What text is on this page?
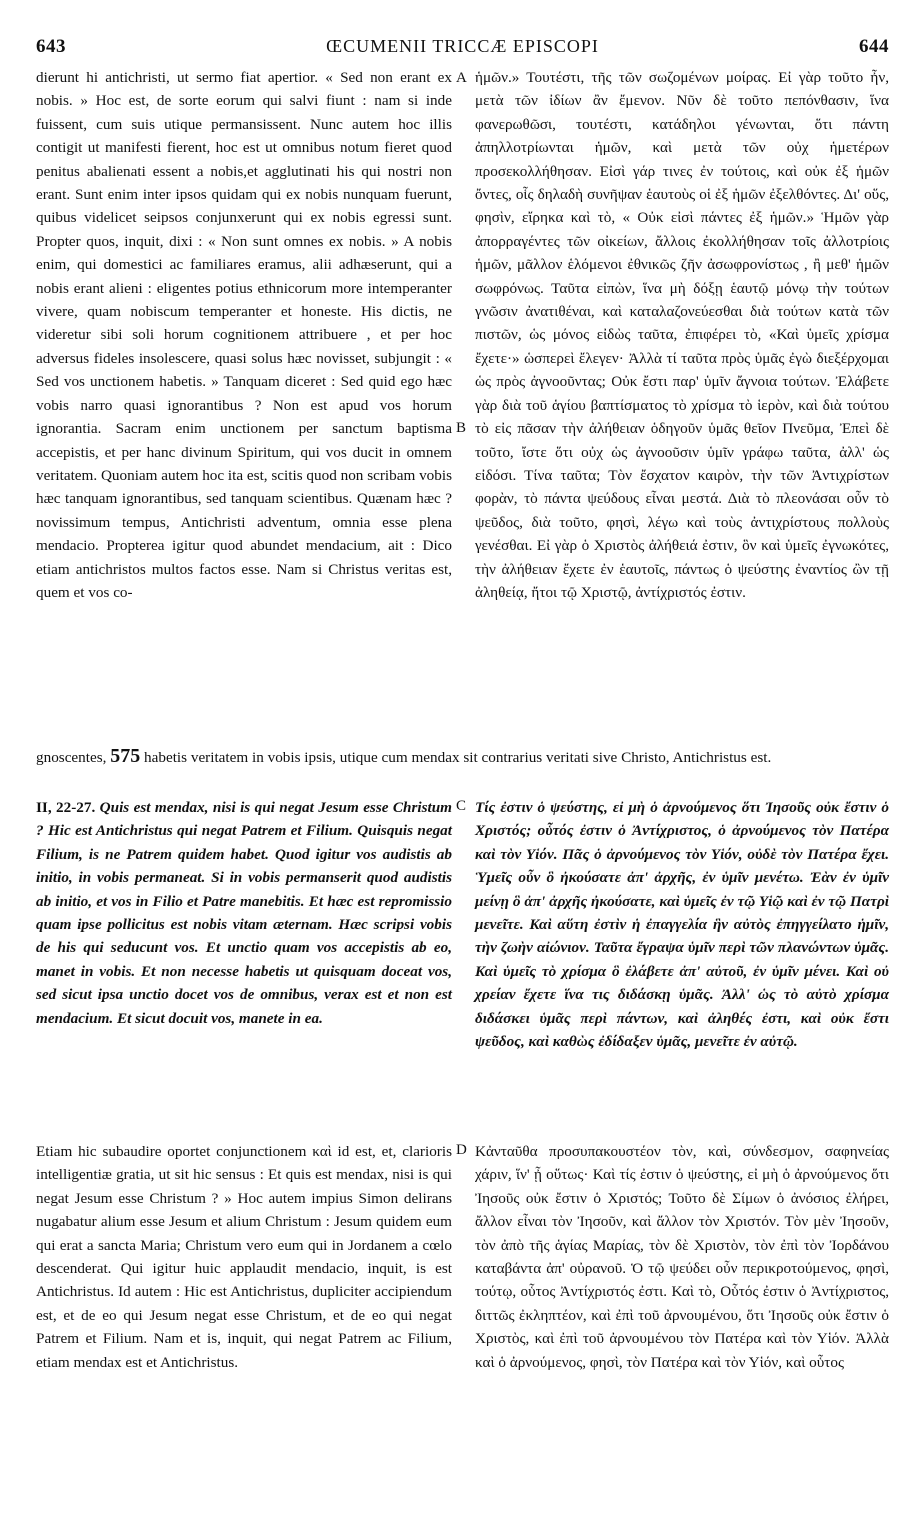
643	ŒCUMENII TRICCÆ EPISCOPI	644
A
B
C
D

dierunt hi antichristi, ut sermo fiat apertior. « Sed non erant ex nobis. » Hoc est, de sorte eorum qui salvi fiunt : nam si inde fuissent, cum suis utique permansissent. Nunc autem hoc illis contigit ut manifesti fierent, hoc est ut omnibus notum fieret quod penitus abalienati essent a nobis,et agglutinati his qui nostri non erant. Sunt enim inter ipsos quidam qui ex nobis nunquam fuerunt, quibus videlicet seipsos conjunxerunt qui ex nobis egressi sunt. Propter quos, inquit, dixi : « Non sunt omnes ex nobis. » A nobis enim, qui domestici ac familiares eramus, alii adhæserunt, qui a nobis erant alieni : eligentes potius ethnicorum more intemperanter vivere, quam nobiscum temperanter et honeste. His dictis, ne videretur sibi soli horum cognitionem attribuere , et per hoc adversus fideles insolescere, quasi solus hæc novisset, subjungit : « Sed vos unctionem habetis. » Tanquam diceret : Sed quid ego hæc vobis narro quasi ignorantibus ? Non est apud vos horum ignorantia. Sacram enim unctionem per sanctum baptisma accepistis, et per hanc divinum Spiritum, qui vos ducit in omnem veritatem. Quoniam autem hoc ita est, scitis quod non scribam vobis hæc tanquam ignorantibus, sed tanquam scientibus. Quænam hæc ? novissimum tempus, Antichristi adventum, omnia esse plena mendacio. Propterea igitur quod abundet mendacium, ait : Dico etiam antichristos multos factos esse. Nam si Christus veritas est, quem et vos co-

ἡμῶν.» Τουτέστι, τῆς τῶν σωζομένων μοίρας. Εἰ γὰρ τοῦτο ἦν, μετὰ τῶν ἰδίων ἂν ἔμενον. Νῦν δὲ τοῦτο πεπόνθασιν, ἵνα φανερωθῶσι, τουτέστι, κατάδηλοι γένωνται, ὅτι πάντη ἀπηλλοτρίωνται ἡμῶν, καὶ μετὰ τῶν οὐχ ἡμετέρων προσεκολλήθησαν. Εἰσὶ γάρ τινες ἐν τούτοις, καὶ οὐκ ἐξ ἡμῶν ὄντες, οἷς δηλαδὴ συνῆψαν ἑαυτοὺς οἱ ἐξ ἡμῶν ἐξελθόντες. Δι' οὕς, φησὶν, εἴρηκα καὶ τὸ, « Οὐκ εἰσὶ πάντες ἐξ ἡμῶν.» Ἡμῶν γὰρ ἀπορραγέντες τῶν οἰκείων, ἄλλοις ἐκολλήθησαν τοῖς ἀλλοτρίοις ἡμῶν, μᾶλλον ἑλόμενοι ἐθνικῶς ζῆν ἀσωφρονίστως , ἢ μεθ' ἡμῶν σωφρόνως. Ταῦτα εἰπὼν, ἵνα μὴ δόξῃ ἑαυτῷ μόνῳ τὴν τούτων γνῶσιν ἀνατιθέναι, καὶ καταλαζονεύεσθαι διὰ τούτων κατὰ τῶν πιστῶν, ὡς μόνος εἰδὼς ταῦτα, ἐπιφέρει τὸ, «Καὶ ὑμεῖς χρίσμα ἔχετε·» ὡσπερεὶ ἔλεγεν· Ἀλλὰ τί ταῦτα πρὸς ὑμᾶς ἐγὼ διεξέρχομαι ὡς πρὸς ἀγνοοῦντας; Οὐκ ἔστι παρ' ὑμῖν ἄγνοια τούτων. Ἐλάβετε γὰρ διὰ τοῦ ἁγίου βαπτίσματος τὸ χρίσμα τὸ ἱερὸν, καὶ διὰ τούτου τὸ εἰς πᾶσαν τὴν ἀλήθειαν ὁδηγοῦν ὑμᾶς θεῖον Πνεῦμα, Ἐπεὶ δὲ τοῦτο, ἴστε ὅτι οὐχ ὡς ἀγνοοῦσιν ὑμῖν γράφω ταῦτα, ἀλλ' ὡς εἰδόσι. Τίνα ταῦτα; Τὸν ἔσχατον καιρὸν, τὴν τῶν Ἀντιχρίστων φορὰν, τὸ πάντα ψεύδους εἶναι μεστά. Διὰ τὸ πλεονάσαι οὖν τὸ ψεῦδος, διὰ τοῦτο, φησὶ, λέγω καὶ τοὺς ἀντιχρίστους πολλοὺς γενέσθαι. Εἰ γὰρ ὁ Χριστὸς ἀλήθειά ἐστιν, ὃν καὶ ὑμεῖς ἐγνωκότες, τὴν ἀλήθειαν ἔχετε ἐν ἑαυτοῖς, πάντως ὁ ψεύστης ἐναντίος ὢν τῇ ἀληθείᾳ, ἤτοι τῷ Χριστῷ, ἀντίχριστός ἐστιν.

gnoscentes, 575 habetis veritatem in vobis ipsis, utique cum mendax sit contrarius veritati sive Christo, Antichristus est.

II, 22-27. Quis est mendax, nisi is qui negat Jesum esse Christum ? Hic est Antichristus qui negat Patrem et Filium. Quisquis negat Filium, is ne Patrem quidem habet. Quod igitur vos audistis ab initio, in vobis permaneat. Si in vobis permanserit quod audistis ab initio, et vos in Filio et Patre manebitis. Et hæc est repromissio quam ipse pollicitus est nobis vitam æternam. Hæc scripsi vobis de his qui seducunt vos. Et unctio quam vos accepistis ab eo, manet in vobis. Et non necesse habetis ut quisquam doceat vos, sed sicut ipsa unctio docet vos de omnibus, verax est et non est mendacium. Et sicut docuit vos, manete in ea.

Τίς ἐστιν ὁ ψεύστης, εἰ μὴ ὁ ἀρνούμενος ὅτι Ἰησοῦς οὐκ ἔστιν ὁ Χριστός; οὗτός ἐστιν ὁ Ἀντίχριστος, ὁ ἀρνούμενος τὸν Πατέρα καὶ τὸν Υἱόν. Πᾶς ὁ ἀρνούμενος τὸν Υἱόν, οὐδὲ τὸν Πατέρα ἔχει. Ὑμεῖς οὖν ὃ ἠκούσατε ἀπ' ἀρχῆς, ἐν ὑμῖν μενέτω. Ἐὰν ἐν ὑμῖν μείνῃ ὃ ἀπ' ἀρχῆς ἠκούσατε, καὶ ὑμεῖς ἐν τῷ Υἱῷ καὶ ἐν τῷ Πατρὶ μενεῖτε. Καὶ αὕτη ἐστὶν ἡ ἐπαγγελία ἣν αὐτὸς ἐπηγγείλατο ἡμῖν, τὴν ζωὴν αἰώνιον. Ταῦτα ἔγραψα ὑμῖν περὶ τῶν πλανώντων ὑμᾶς. Καὶ ὑμεῖς τὸ χρίσμα ὃ ἐλάβετε ἀπ' αὐτοῦ, ἐν ὑμῖν μένει. Καὶ οὐ χρείαν ἔχετε ἵνα τις διδάσκῃ ὑμᾶς. Ἀλλ' ὡς τὸ αὐτὸ χρίσμα διδάσκει ὑμᾶς περὶ πάντων, καὶ ἀληθές ἐστι, καὶ οὐκ ἔστι ψεῦδος, καὶ καθὼς ἐδίδαξεν ὑμᾶς, μενεῖτε ἐν αὐτῷ.

Etiam hic subaudire oportet conjunctionem καὶ id est, et, clarioris intelligentiæ gratia, ut sit hic sensus : Et quis est mendax, nisi is qui negat Jesum esse Christum ? » Hoc autem impius Simon delirans nugabatur alium esse Jesum et alium Christum : Jesum quidem eum qui erat a sancta Maria; Christum vero eum qui in Jordanem a cœlo descenderat. Qui igitur huic applaudit mendacio, inquit, is est Antichristus. Id autem : Hic est Antichristus, dupliciter accipiendum est, et de eo qui Jesum negat esse Christum, et de eo qui negat Patrem et Filium. Nam et is, inquit, qui negat Patrem ac Filium, etiam mendax est et Antichristus.

Κἀνταῦθα προσυπακουστέον τὸν, καὶ, σύνδεσμον, σαφηνείας χάριν, ἵν' ᾖ οὕτως· Καὶ τίς ἐστιν ὁ ψεύστης, εἰ μὴ ὁ ἀρνούμενος ὅτι Ἰησοῦς οὐκ ἔστιν ὁ Χριστός; Τοῦτο δὲ Σίμων ὁ ἀνόσιος ἐλήρει, ἄλλον εἶναι τὸν Ἰησοῦν, καὶ ἄλλον τὸν Χριστόν. Τὸν μὲν Ἰησοῦν, τὸν ἀπὸ τῆς ἁγίας Μαρίας, τὸν δὲ Χριστὸν, τὸν ἐπὶ τὸν Ἰορδάνου καταβάντα ἀπ' οὐρανοῦ. Ὁ τῷ ψεύδει οὖν περικροτούμενος, φησὶ, τούτῳ, οὗτος Ἀντίχριστός ἐστι. Καὶ τὸ, Οὗτός ἐστιν ὁ Ἀντίχριστος, διττῶς ἐκληπτέον, καὶ ἐπὶ τοῦ ἀρνουμένου, ὅτι Ἰησοῦς οὐκ ἔστιν ὁ Χριστὸς, καὶ ἐπὶ τοῦ ἀρνουμένου τὸν Πατέρα καὶ τὸν Υἱόν. Ἀλλὰ καὶ ὁ ἀρνούμενος, φησὶ, τὸν Πατέρα καὶ τὸν Υἱόν, καὶ οὗτος
